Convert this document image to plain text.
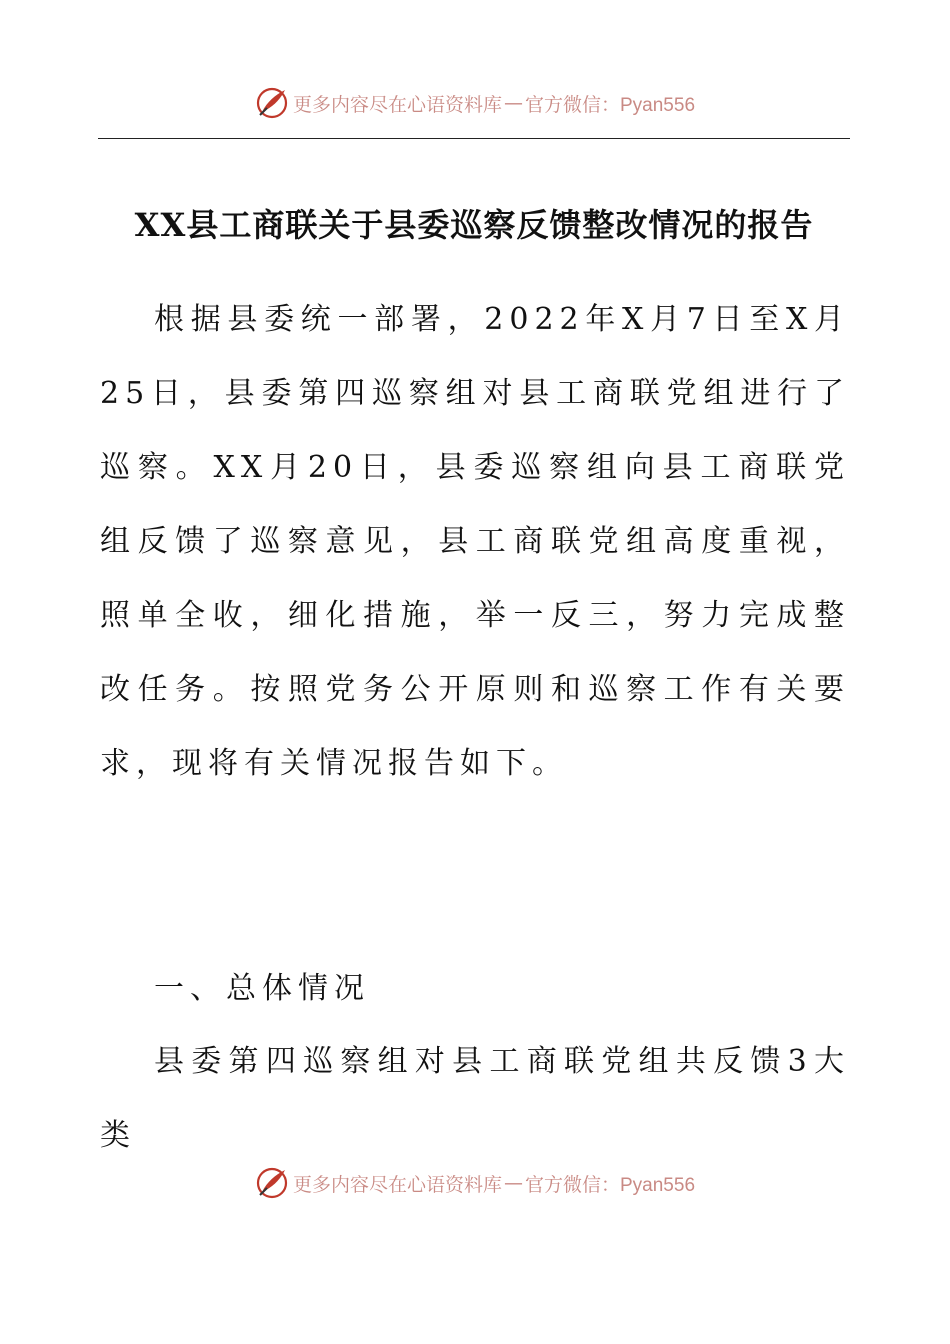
更多内容尽在心语资料库 — 官方微信：Pyan556
XX县工商联关于县委巡察反馈整改情况的报告

根据县委统一部署，2022年X月7日至X月25日，县委第四巡察组对县工商联党组进行了巡察。XX月20日，县委巡察组向县工商联党组反馈了巡察意见，县工商联党组高度重视，照单全收，细化措施，举一反三，努力完成整改任务。按照党务公开原则和巡察工作有关要求，现将有关情况报告如下。

一、总体情况

县委第四巡察组对县工商联党组共反馈3大类

更多内容尽在心语资料库 — 官方微信：Pyan556
